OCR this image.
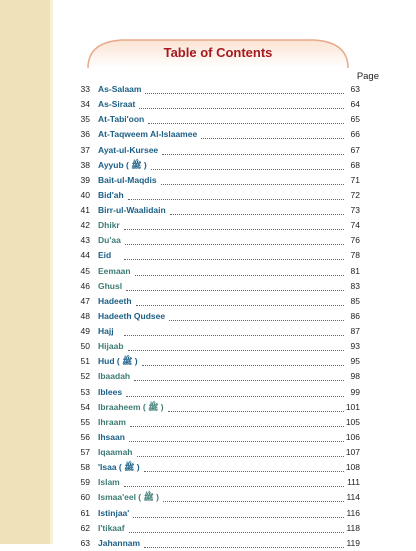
Table of Contents
Page
33 As-Salaam	63
34 As-Siraat	64
35 At-Tabi'oon	65
36 At-Taqweem Al-Islaamee	66
37 Ayat-ul-Kursee	67
38 Ayyub ( ﷺ )	68
39 Bait-ul-Maqdis	71
40 Bid'ah	72
41 Birr-ul-Waalidain	73
42 Dhikr	74
43 Du'aa	76
44 Eid	78
45 Eemaan	81
46 Ghusl	83
47 Hadeeth	85
48 Hadeeth Qudsee	86
49 Hajj	87
50 Hijaab	93
51 Hud ( ﷺ )	95
52 Ibaadah	98
53 Iblees	99
54 Ibraaheem ( ﷺ )	101
55 Ihraam	105
56 Ihsaan	106
57 Iqaamah	107
58 'Isaa ( ﷺ )	108
59 Islam	111
60 Ismaa'eel ( ﷺ )	114
61 Istinjaa'	116
62 I'tikaaf	118
63 Jahannam	119
